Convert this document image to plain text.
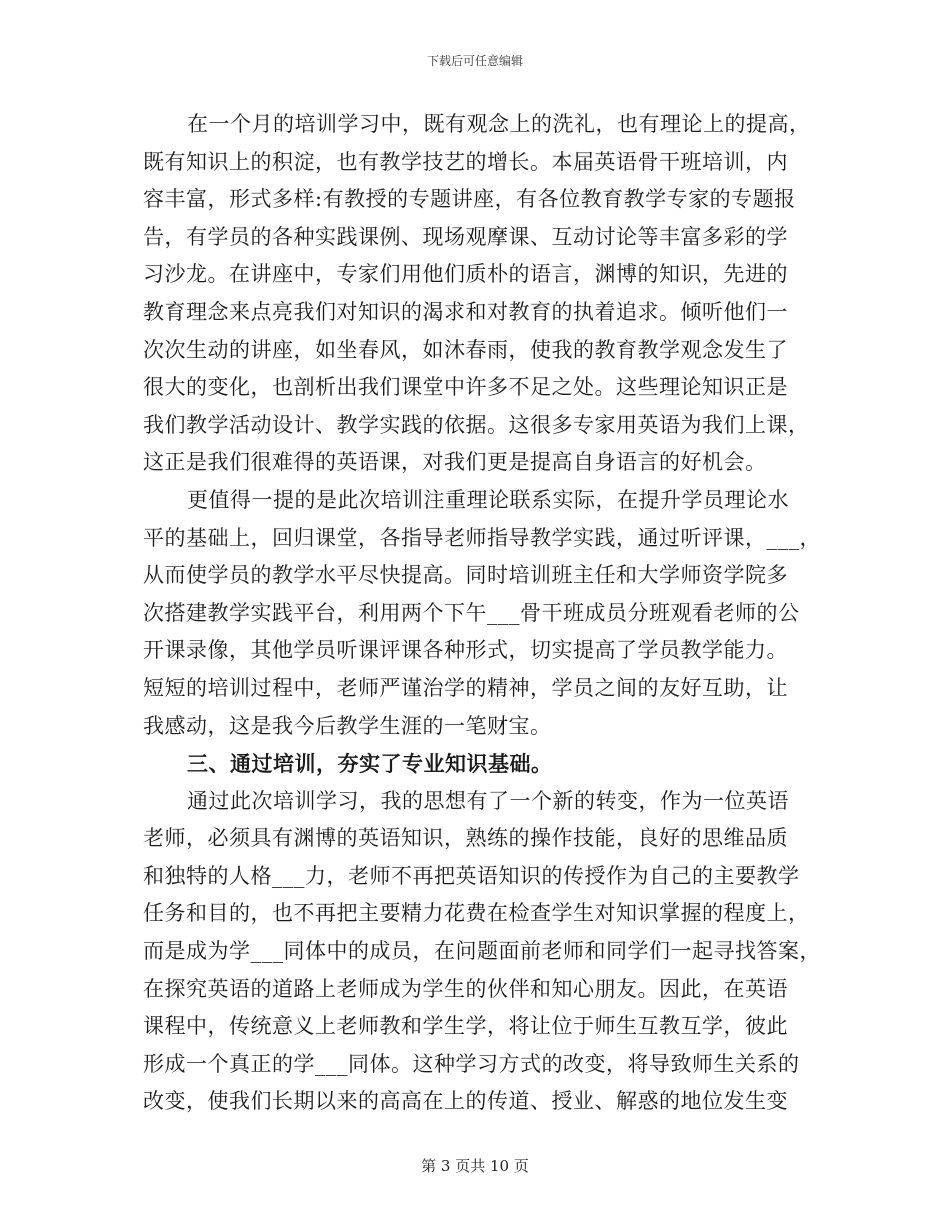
下载后可任意编辑
在一个月的培训学习中，既有观念上的洗礼，也有理论上的提高，
既有知识上的积淀，也有教学技艺的增长。本届英语骨干班培训，内
容丰富，形式多样:有教授的专题讲座，有各位教育教学专家的专题报
告，有学员的各种实践课例、现场观摩课、互动讨论等丰富多彩的学
习沙龙。在讲座中，专家们用他们质朴的语言，渊博的知识，先进的
教育理念来点亮我们对知识的渴求和对教育的执着追求。倾听他们一
次次生动的讲座，如坐春风，如沐春雨，使我的教育教学观念发生了
很大的变化，也剖析出我们课堂中许多不足之处。这些理论知识正是
我们教学活动设计、教学实践的依据。这很多专家用英语为我们上课，
这正是我们很难得的英语课，对我们更是提高自身语言的好机会。
更值得一提的是此次培训注重理论联系实际，在提升学员理论水
平的基础上，回归课堂，各指导老师指导教学实践，通过听评课，___，
从而使学员的教学水平尽快提高。同时培训班主任和大学师资学院多
次搭建教学实践平台，利用两个下午___骨干班成员分班观看老师的公
开课录像，其他学员听课评课各种形式，切实提高了学员教学能力。
短短的培训过程中，老师严谨治学的精神，学员之间的友好互助，让
我感动，这是我今后教学生涯的一笔财宝。
三、通过培训，夯实了专业知识基础。
通过此次培训学习，我的思想有了一个新的转变，作为一位英语
老师，必须具有渊博的英语知识，熟练的操作技能，良好的思维品质
和独特的人格___力，老师不再把英语知识的传授作为自己的主要教学
任务和目的，也不再把主要精力花费在检查学生对知识掌握的程度上，
而是成为学___同体中的成员，在问题面前老师和同学们一起寻找答案，
在探究英语的道路上老师成为学生的伙伴和知心朋友。因此，在英语
课程中，传统意义上老师教和学生学，将让位于师生互教互学，彼此
形成一个真正的学___同体。这种学习方式的改变，将导致师生关系的
改变，使我们长期以来的高高在上的传道、授业、解惑的地位发生变
第 3 页共 10 页
